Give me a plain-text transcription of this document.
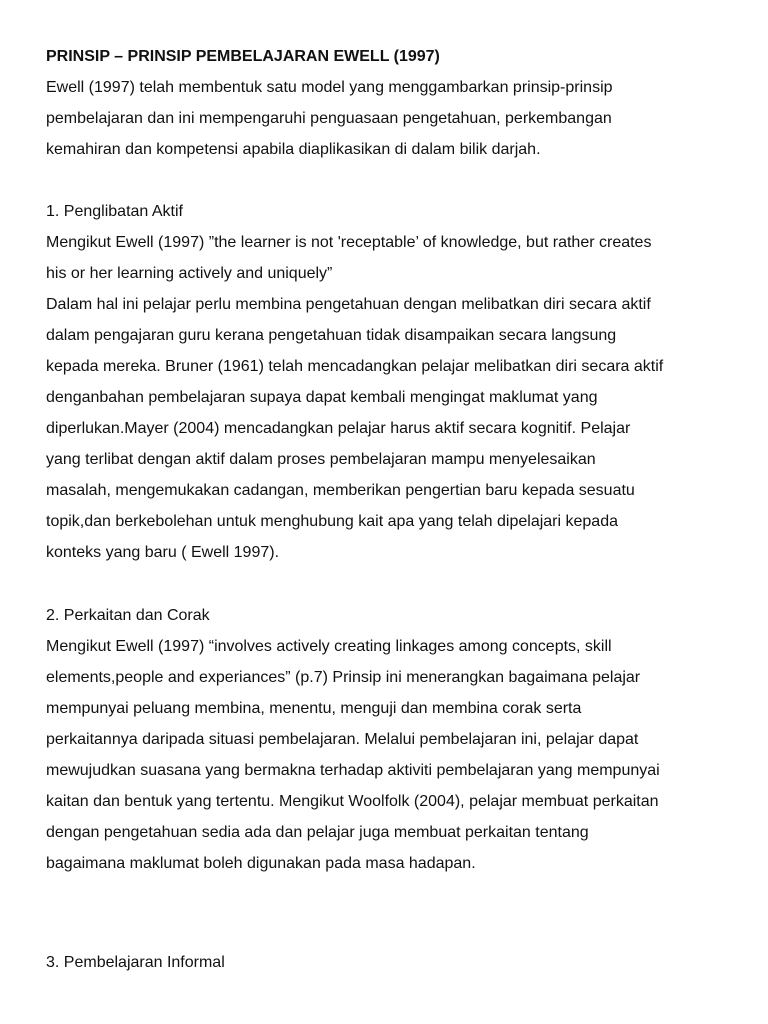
PRINSIP – PRINSIP PEMBELAJARAN EWELL (1997)

Ewell (1997) telah membentuk satu model yang menggambarkan prinsip-prinsip

pembelajaran dan ini mempengaruhi penguasaan pengetahuan, perkembangan

kemahiran dan kompetensi apabila diaplikasikan di dalam bilik darjah.

1. Penglibatan Aktif

Mengikut Ewell (1997) ”the learner is not 'receptable’ of knowledge, but rather creates

his or her learning actively and uniquely”

Dalam hal ini pelajar perlu membina pengetahuan dengan melibatkan diri secara aktif

dalam pengajaran guru kerana pengetahuan tidak disampaikan secara langsung

kepada mereka. Bruner (1961) telah mencadangkan pelajar melibatkan diri secara aktif

denganbahan pembelajaran supaya dapat kembali mengingat maklumat yang

diperlukan.Mayer (2004) mencadangkan pelajar harus aktif secara kognitif. Pelajar

yang terlibat dengan aktif dalam proses pembelajaran mampu menyelesaikan

masalah, mengemukakan cadangan, memberikan pengertian baru kepada sesuatu

topik,dan berkebolehan untuk menghubung kait apa yang telah dipelajari kepada

konteks yang baru ( Ewell 1997).

2. Perkaitan dan Corak

Mengikut Ewell (1997) “involves actively creating linkages among concepts, skill

elements,people and experiances” (p.7) Prinsip ini menerangkan bagaimana pelajar

mempunyai peluang membina, menentu, menguji dan membina corak serta

perkaitannya daripada situasi pembelajaran. Melalui pembelajaran ini, pelajar dapat

mewujudkan suasana yang bermakna terhadap aktiviti pembelajaran yang mempunyai

kaitan dan bentuk yang tertentu. Mengikut Woolfolk (2004), pelajar membuat perkaitan

dengan pengetahuan sedia ada dan pelajar juga membuat perkaitan tentang

bagaimana maklumat boleh digunakan pada masa hadapan.

3. Pembelajaran Informal
